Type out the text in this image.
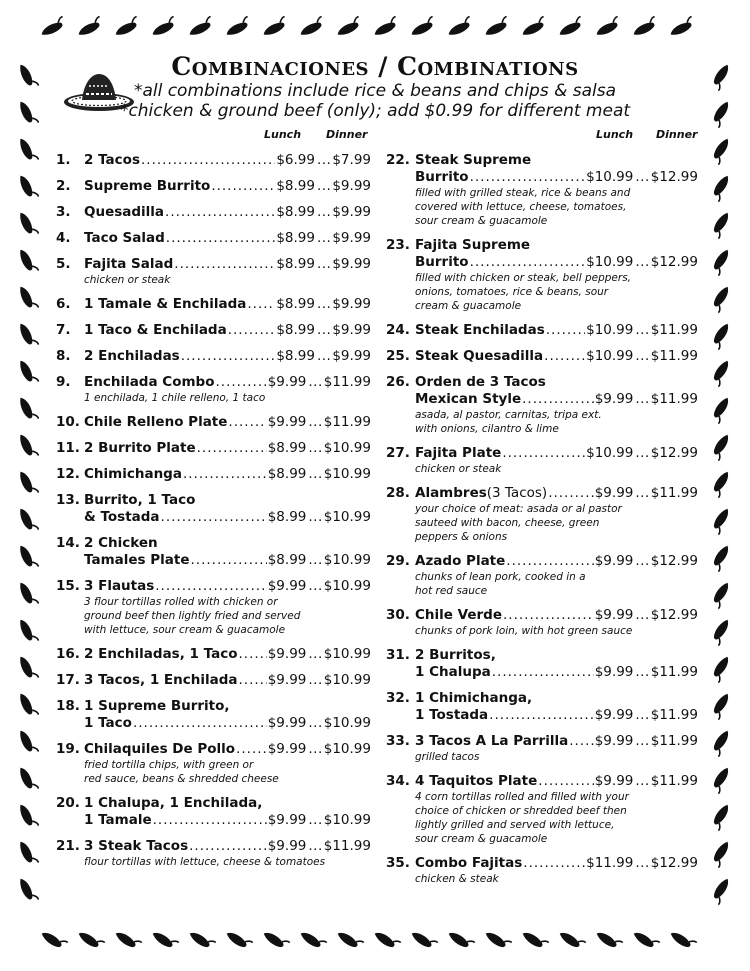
Combinaciones / Combinations
*all combinations include rice & beans and chips & salsa
*chicken & ground beef (only); add $0.99 for different meat
Lunch Dinner
1. 2 Tacos .....	$6.99 ... $7.99
2. Supreme Burrito .....	$8.99 ... $9.99
3. Quesadilla .....	$8.99 ... $9.99
4. Taco Salad .....	$8.99 ... $9.99
5. Fajita Salad .....	$8.99 ... $9.99
chicken or steak
6. 1 Tamale & Enchilada ..... $8.99 ... $9.99
7. 1 Taco & Enchilada .....	$8.99 ... $9.99
8. 2 Enchiladas .....	$8.99 ... $9.99
9. Enchilada Combo .....	$9.99 ... $11.99
1 enchilada, 1 chile relleno, 1 taco
10. Chile Relleno Plate .....	$9.99 ... $11.99
11. 2 Burrito Plate .....	$8.99 ... $10.99
12. Chimichanga .....	$8.99 ... $10.99
13. Burrito, 1 Taco
& Tostada .....	$8.99 ... $10.99
14. 2 Chicken
Tamales Plate .....	$8.99 ... $10.99
15. 3 Flautas .....	$9.99 ... $10.99
3 flour tortillas rolled with chicken or
ground beef then lightly fried and served
with lettuce, sour cream & guacamole
16. 2 Enchiladas, 1 Taco ..... $9.99 ... $10.99
17. 3 Tacos, 1 Enchilada ..... $9.99 ... $10.99
18. 1 Supreme Burrito,
1 Taco .....	$9.99 ... $10.99
19. Chilaquiles De Pollo ..... $9.99 ... $10.99
fried tortilla chips, with green or
red sauce, beans & shredded cheese
20. 1 Chalupa, 1 Enchilada,
1 Tamale .....	$9.99 ... $10.99
21. 3 Steak Tacos .....	$9.99 ... $11.99
flour tortillas with lettuce, cheese & tomatoes
Lunch Dinner
22. Steak Supreme
Burrito .....	$10.99 ... $12.99
filled with grilled steak, rice & beans and
covered with lettuce, cheese, tomatoes,
sour cream & guacamole
23. Fajita Supreme
Burrito .....	$10.99 ... $12.99
filled with chicken or steak, bell peppers,
onions, tomatoes, rice & beans, sour
cream & guacamole
24. Steak Enchiladas .....	$10.99 ... $11.99
25. Steak Quesadilla .....	$10.99 ... $11.99
26. Orden de 3 Tacos
Mexican Style .....	$9.99 ... $11.99
asada, al pastor, carnitas, tripa ext.
with onions, cilantro & lime
27. Fajita Plate .....	$10.99 ... $12.99
chicken or steak
28. Alambres (3 Tacos) .....	$9.99 ... $11.99
your choice of meat: asada or al pastor
sauteed with bacon, cheese, green
peppers & onions
29. Azado Plate .....	$9.99 ... $12.99
chunks of lean pork, cooked in a
hot red sauce
30. Chile Verde .....	$9.99 ... $12.99
chunks of pork loin, with hot green sauce
31. 2 Burritos,
1 Chalupa .....	$9.99 ... $11.99
32. 1 Chimichanga,
1 Tostada .....	$9.99 ... $11.99
33. 3 Tacos A La Parrilla ..... $9.99 ... $11.99
grilled tacos
34. 4 Taquitos Plate .....	$9.99 ... $11.99
4 corn tortillas rolled and filled with your
choice of chicken or shredded beef then
lightly grilled and served with lettuce,
sour cream & guacamole
35. Combo Fajitas .....	$11.99 ... $12.99
chicken & steak
